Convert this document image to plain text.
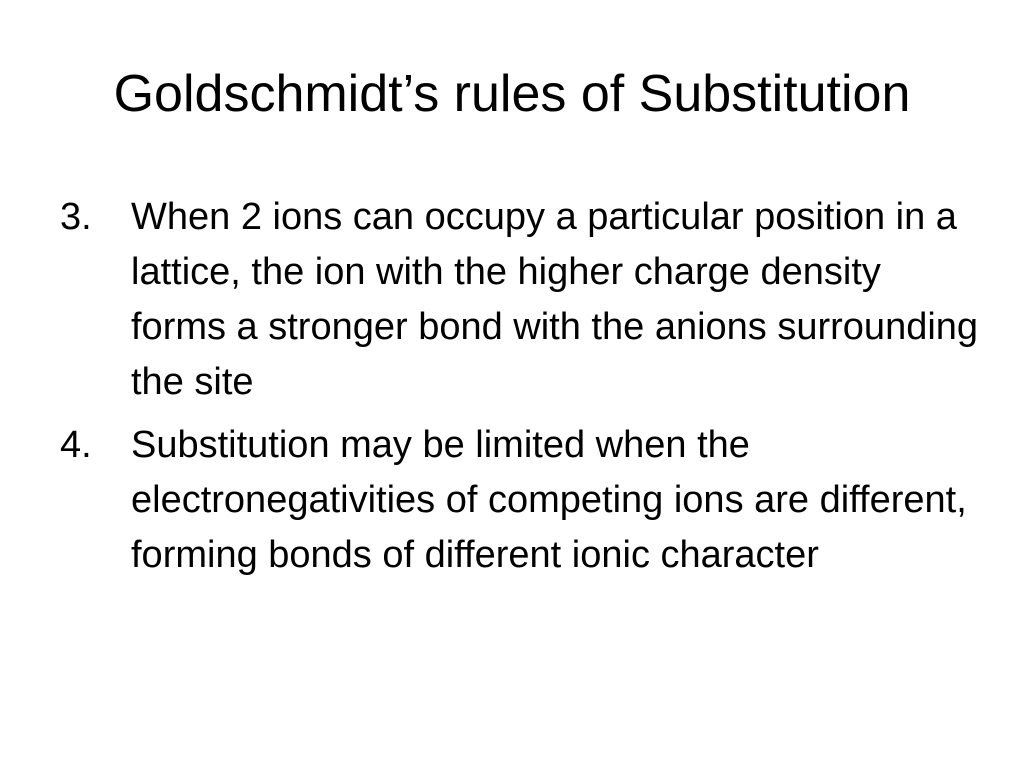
Goldschmidt’s rules of Substitution
3. When 2 ions can occupy a particular position in a lattice, the ion with the higher charge density forms a stronger bond with the anions surrounding the site
4. Substitution may be limited when the electronegativities of competing ions are different, forming bonds of different ionic character
